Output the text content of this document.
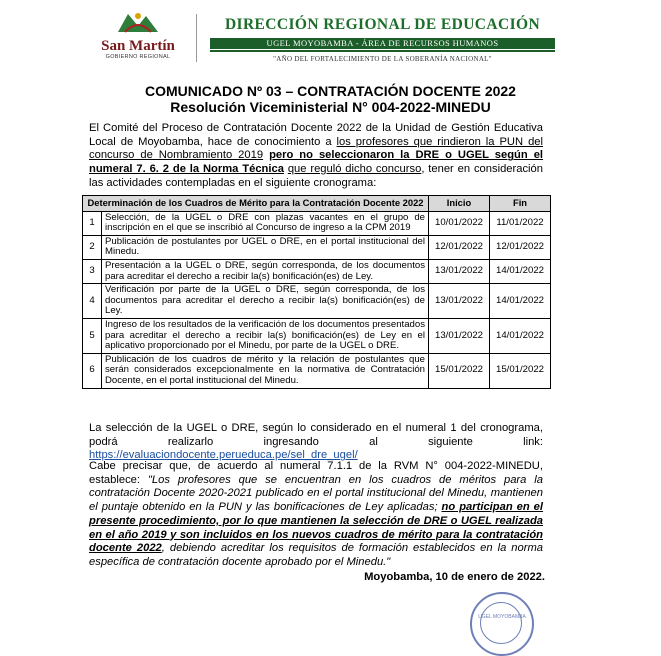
San Martín
GOBIERNO REGIONAL
DIRECCIÓN REGIONAL DE EDUCACIÓN
UGEL MOYOBAMBA - ÁREA DE RECURSOS HUMANOS
"AÑO DEL FORTALECIMIENTO DE LA SOBERANÍA NACIONAL"
COMUNICADO Nº 03 – CONTRATACIÓN DOCENTE 2022
Resolución Viceministerial N° 004-2022-MINEDU
El Comité del Proceso de Contratación Docente 2022 de la Unidad de Gestión Educativa Local de Moyobamba, hace de conocimiento a los profesores que rindieron la PUN del concurso de Nombramiento 2019 pero no seleccionaron la DRE o UGEL según el numeral 7. 6. 2 de la Norma Técnica que reguló dicho concurso, tener en consideración las actividades contempladas en el siguiente cronograma:
Determinación de los Cuadros de Mérito para la Contratación Docente 2022		Inicio	Fin
1	Selección, de la UGEL o DRE con plazas vacantes en el grupo de inscripción en el que se inscribió al Concurso de ingreso a la CPM 2019	10/01/2022	11/01/2022
2	Publicación de postulantes por UGEL o DRE, en el portal institucional del Minedu.	12/01/2022	12/01/2022
3	Presentación a la UGEL o DRE, según corresponda, de los documentos para acreditar el derecho a recibir la(s) bonificación(es) de Ley.	13/01/2022	14/01/2022
4	Verificación por parte de la UGEL o DRE, según corresponda, de los documentos para acreditar el derecho a recibir la(s) bonificación(es) de Ley.	13/01/2022	14/01/2022
5	Ingreso de los resultados de la verificación de los documentos presentados para acreditar el derecho a recibir la(s) bonificación(es) de Ley en el aplicativo proporcionado por el Minedu, por parte de la UGEL o DRE.	13/01/2022	14/01/2022
6	Publicación de los cuadros de mérito y la relación de postulantes que serán considerados excepcionalmente en la normativa de Contratación Docente, en el portal institucional del Minedu.	15/01/2022	15/01/2022
La selección de la UGEL o DRE, según lo considerado en el numeral 1 del cronograma, podrá realizarlo ingresando al siguiente link: https://evaluaciondocente.perueduca.pe/sel_dre_ugel/
Cabe precisar que, de acuerdo al numeral 7.1.1 de la RVM N° 004-2022-MINEDU, establece: "Los profesores que se encuentran en los cuadros de méritos para la contratación Docente 2020-2021 publicado en el portal institucional del Minedu, mantienen el puntaje obtenido en la PUN y las bonificaciones de Ley aplicadas; no participan en el presente procedimiento, por lo que mantienen la selección de DRE o UGEL realizada en el año 2019 y son incluidos en los nuevos cuadros de mérito para la contratación docente 2022, debiendo acreditar los requisitos de formación establecidos en la norma específica de contratación docente aprobado por el Minedu."
Moyobamba, 10 de enero de 2022.
UGEL MOYOBAMBA
